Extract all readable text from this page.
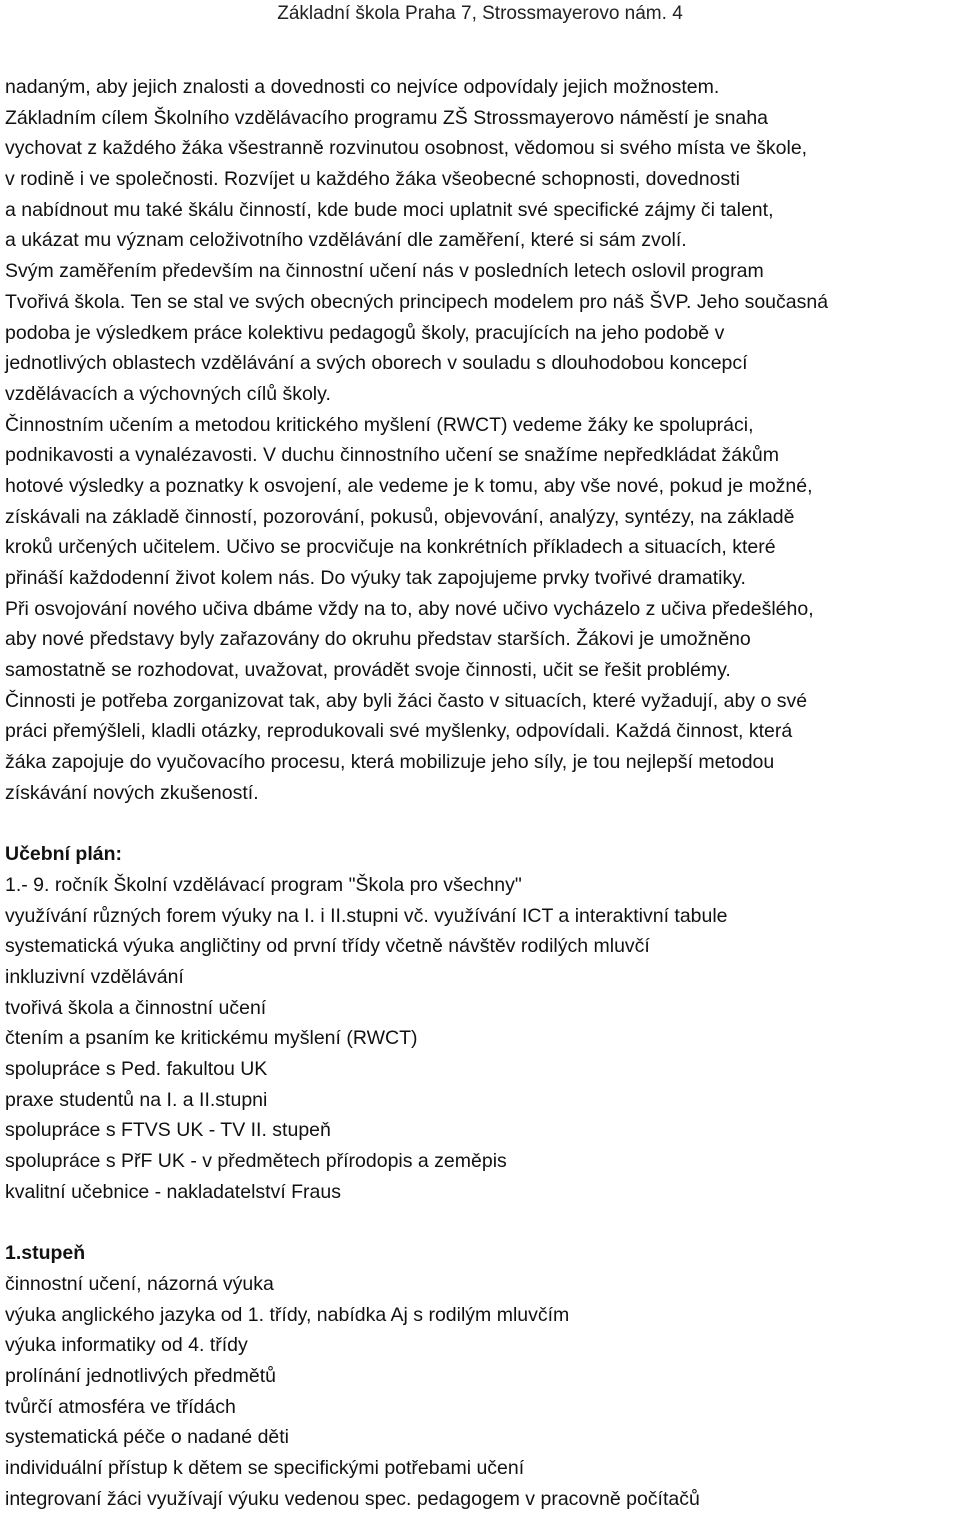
Základní škola Praha 7, Strossmayerovo nám. 4
nadaným, aby jejich znalosti a dovednosti co nejvíce odpovídaly jejich možnostem.
Základním cílem Školního vzdělávacího programu ZŠ Strossmayerovo náměstí je snaha
vychovat z každého žáka všestranně rozvinutou osobnost, vědomou si svého místa ve škole,
v rodině i ve společnosti. Rozvíjet u každého žáka všeobecné schopnosti, dovednosti
a nabídnout mu také škálu činností, kde bude moci uplatnit své specifické zájmy či talent,
a ukázat mu význam celoživotního vzdělávání dle zaměření, které si sám zvolí.
Svým zaměřením především na činnostní učení nás v posledních letech oslovil program
Tvořivá škola. Ten se stal ve svých obecných principech modelem pro náš ŠVP. Jeho současná
podoba je výsledkem práce kolektivu pedagogů školy, pracujících na jeho podobě v
jednotlivých oblastech vzdělávání a svých oborech v souladu s dlouhodobou koncepcí
vzdělávacích a výchovných cílů školy.
Činnostním učením a metodou kritického myšlení (RWCT) vedeme žáky ke spolupráci,
podnikavosti a vynalézavosti. V duchu činnostního učení se snažíme nepředkládat žákům
hotové výsledky a poznatky k osvojení, ale vedeme je k tomu, aby vše nové, pokud je možné,
získávali na základě činností, pozorování, pokusů, objevování, analýzy, syntézy, na základě
kroků určených učitelem. Učivo se procvičuje na konkrétních příkladech a situacích, které
přináší každodenní život kolem nás. Do výuky tak zapojujeme prvky tvořivé dramatiky.
Při osvojování nového učiva dbáme vždy na to, aby nové učivo vycházelo z učiva předešlého,
aby nové představy byly zařazovány do okruhu představ starších. Žákovi je umožněno
samostatně se rozhodovat, uvažovat, provádět svoje činnosti, učit se řešit problémy.
Činnosti je potřeba zorganizovat tak, aby byli žáci často v situacích, které vyžadují, aby o své
práci přemýšleli, kladli otázky, reprodukovali své myšlenky, odpovídali. Každá činnost, která
žáka zapojuje do vyučovacího procesu, která mobilizuje jeho síly, je tou nejlepší metodou
získávání nových zkušeností.
Učební plán:
1.- 9. ročník Školní vzdělávací program "Škola pro všechny"
využívání různých forem výuky na I. i II.stupni vč. využívání ICT a interaktivní tabule
systematická výuka angličtiny od první třídy včetně návštěv rodilých mluvčí
inkluzivní vzdělávání
tvořivá škola a činnostní učení
čtením a psaním ke kritickému myšlení (RWCT)
spolupráce s Ped. fakultou UK
praxe studentů na I. a II.stupni
spolupráce s FTVS UK - TV II. stupeň
spolupráce s PřF UK - v předmětech přírodopis a zeměpis
kvalitní učebnice - nakladatelství Fraus
1.stupeň
činnostní učení, názorná výuka
výuka anglického jazyka od 1. třídy, nabídka Aj s rodilým mluvčím
výuka informatiky od 4. třídy
prolínání jednotlivých předmětů
tvůrčí atmosféra ve třídách
systematická péče o nadané děti
individuální přístup k dětem se specifickými potřebami učení
integrovaní žáci využívají výuku vedenou spec. pedagogem v pracovně počítačů
